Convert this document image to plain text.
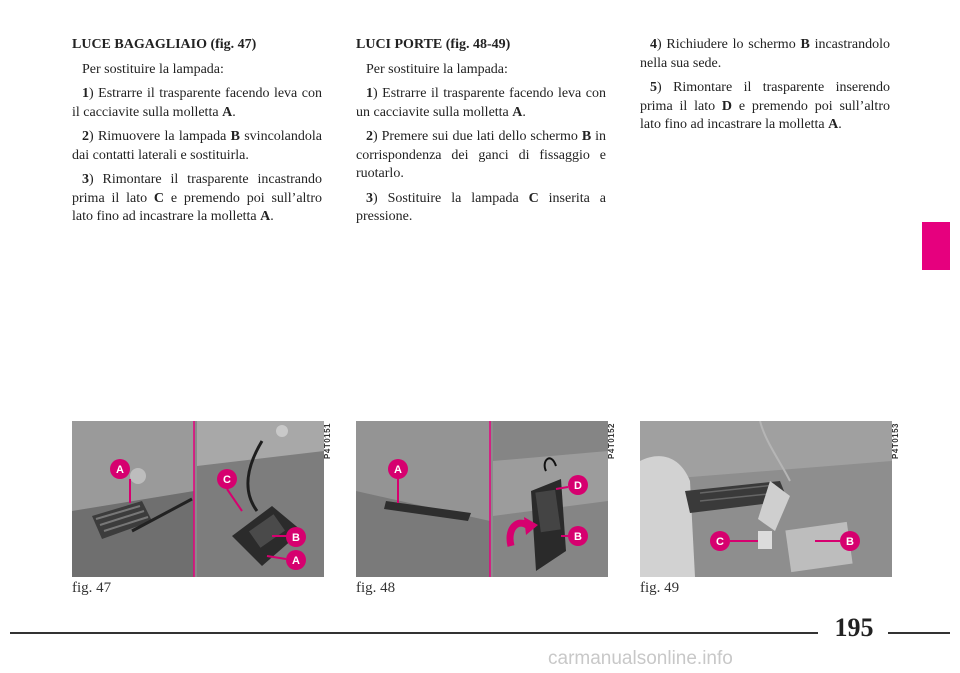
LUCE BAGAGLIAIO (fig. 47)

Per sostituire la lampada:

1) Estrarre il trasparente facendo leva con il cacciavite sulla molletta A.

2) Rimuovere la lampada B svincolandola dai contatti laterali e sostituirla.

3) Rimontare il trasparente incastrando prima il lato C e premendo poi sull’altro lato fino ad incastrare la molletta A.

LUCI PORTE (fig. 48-49)

Per sostituire la lampada:

1) Estrarre il trasparente facendo leva con un cacciavite sulla molletta A.

2) Premere sui due lati dello schermo B in corrispondenza dei ganci di fissaggio e ruotarlo.

3) Sostituire la lampada C inserita a pressione.

4) Richiudere lo schermo B incastrandolo nella sua sede.

5) Rimontare il trasparente inserendo prima il lato D e premendo poi sull’altro lato fino ad incastrare la molletta A.

A
C
B
A
P4T0151
fig. 47
A
D
B
P4T0152
fig. 48
C	B
P4T0153
fig. 49
195
carmanualsonline.info
